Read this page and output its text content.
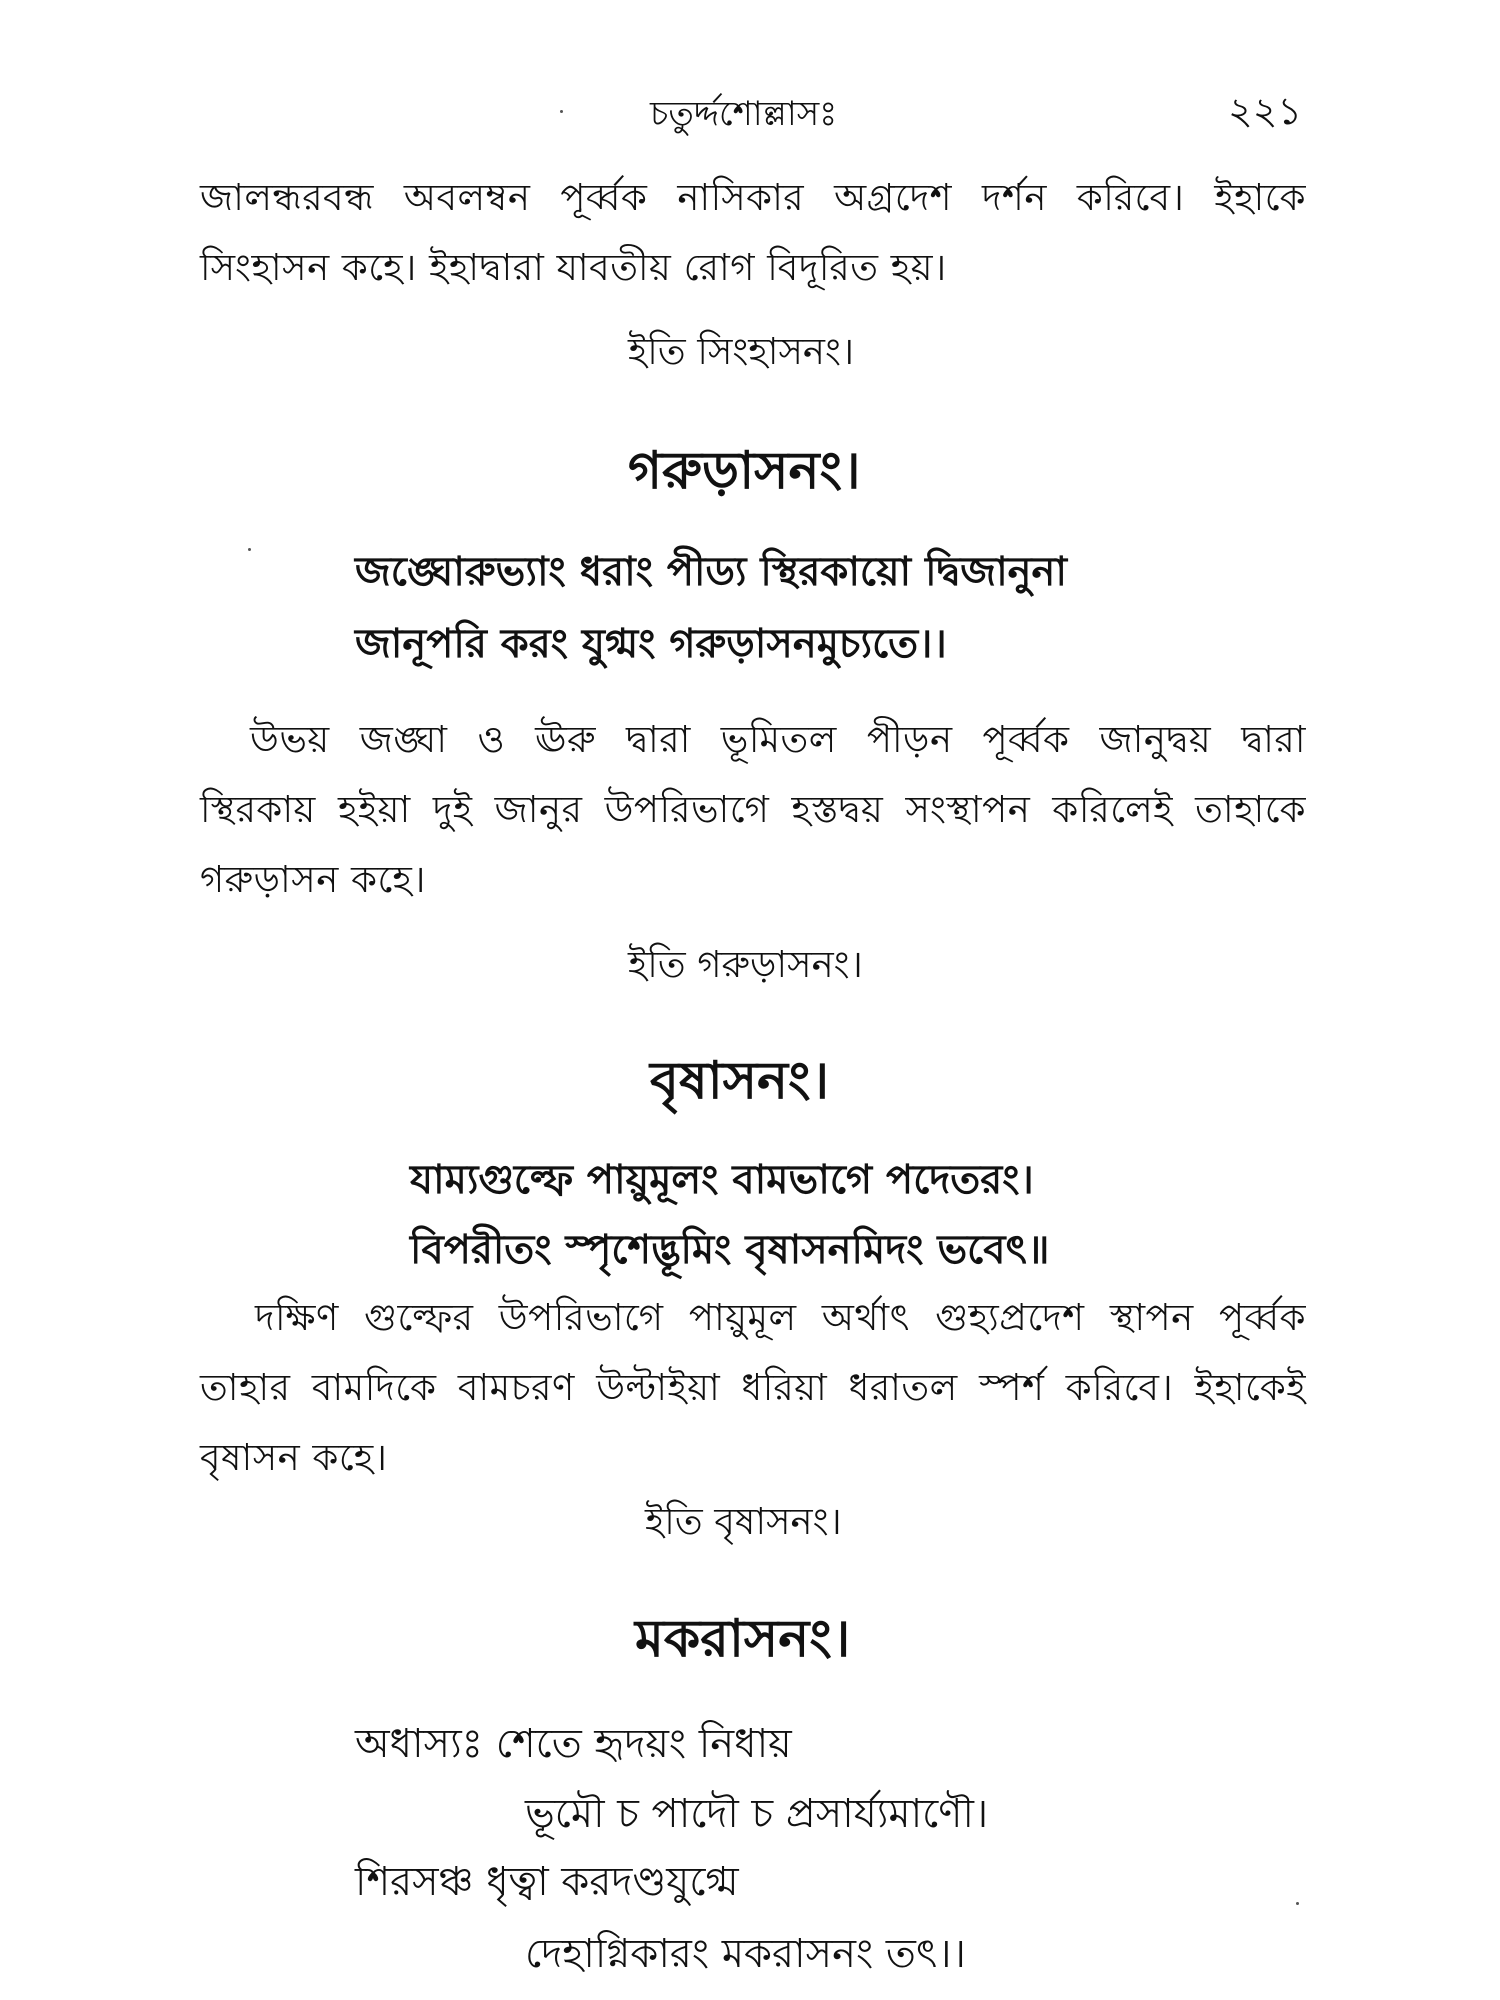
চতুর্দ্দশোল্লাসঃ	২২১
জালন্ধরবন্ধ অবলম্বন পূর্ব্বক নাসিকার অগ্রদেশ দর্শন করিবে। ইহাকে
সিংহাসন কহে। ইহাদ্বারা যাবতীয় রোগ বিদূরিত হয়।
ইতি সিংহাসনং।
গরুড়াসনং।
জঙ্ঘোরুভ্যাং ধরাং পীড্য স্থিরকায়ো দ্বিজানুনা
জানূপরি করং যুগ্মং গরুড়াসনমুচ্যতে।।
উভয় জঙ্ঘা ও ঊরু দ্বারা ভূমিতল পীড়ন পূর্ব্বক জানুদ্বয় দ্বারা
স্থিরকায় হইয়া দুই জানুর উপরিভাগে হস্তদ্বয় সংস্থাপন করিলেই তাহাকে
গরুড়াসন কহে।
ইতি গরুড়াসনং।
বৃষাসনং।
যাম্যগুল্ফে পায়ুমূলং বামভাগে পদেতরং।
বিপরীতং স্পৃশেদ্ভূমিং বৃষাসনমিদং ভবেৎ॥
দক্ষিণ গুল্ফের উপরিভাগে পায়ুমূল অর্থাৎ গুহ্যপ্রদেশ স্থাপন পূর্ব্বক
তাহার বামদিকে বামচরণ উল্টাইয়া ধরিয়া ধরাতল স্পর্শ করিবে। ইহাকেই
বৃষাসন কহে।
ইতি বৃষাসনং।
মকরাসনং।
অধাস্যঃ শেতে হৃদয়ং নিধায়
ভূমৌ চ পাদৌ চ প্রসার্য্যমাণৌ।
শিরসঞ্চ ধৃত্বা করদণ্ডযুগ্মে
দেহাগ্নিকারং মকরাসনং তৎ।।
